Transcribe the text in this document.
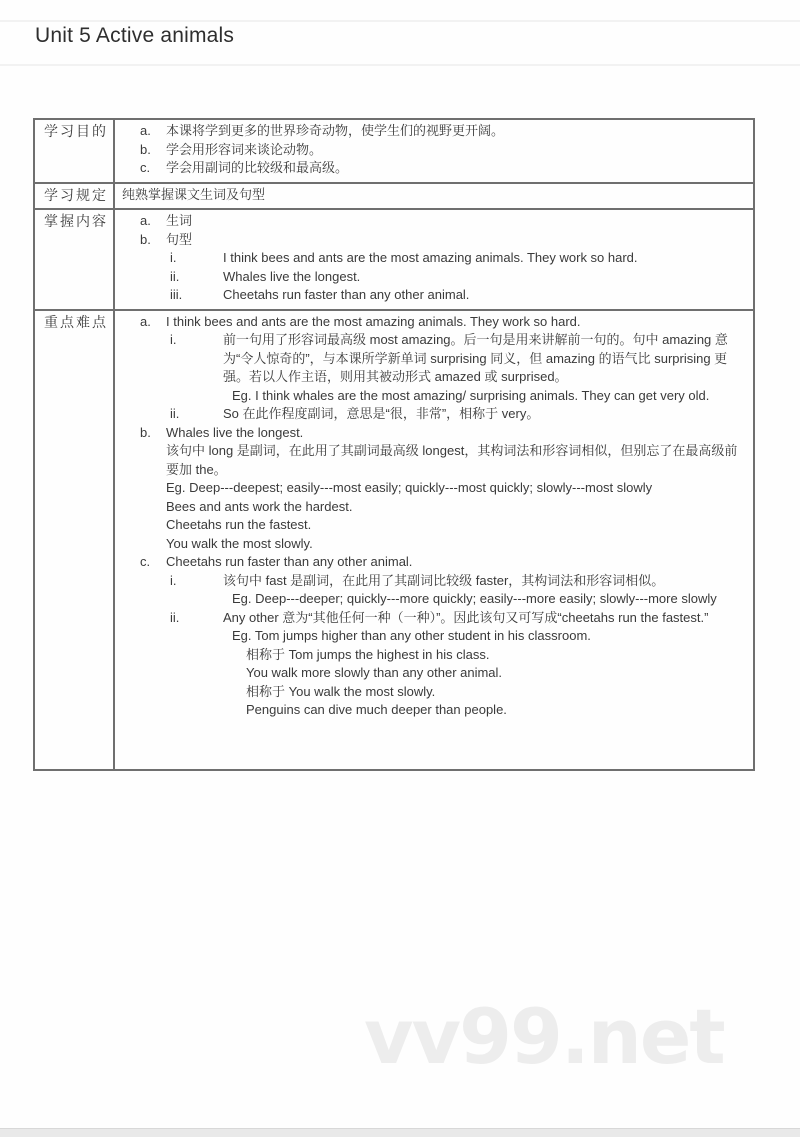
Unit 5 Active animals
学习目的	a.	本课将学到更多的世界珍奇动物，使学生们的视野更开阔。
b.	学会用形容词来谈论动物。
c.	学会用副词的比较级和最高级。
学习规定	纯熟掌握课文生词及句型
掌握内容	a.	生词
b.	句型
i.	I think bees and ants are the most amazing animals. They work so hard.
ii.	Whales live the longest.
iii.	Cheetahs run faster than any other animal.
重点难点	a.	I think bees and ants are the most amazing animals. They work so hard.
i.	前一句用了形容词最高级 most amazing。后一句是用来讲解前一句的。句中 amazing 意为“令人惊奇的”，与本课所学新单词 surprising 同义，但 amazing 的语气比 surprising 更强。若以人作主语，则用其被动形式 amazed 或 surprised。
Eg. I think whales are the most amazing/ surprising animals. They can get very old.
ii.	So 在此作程度副词，意思是“很，非常”，相称于 very。
b.	Whales live the longest.
该句中 long 是副词，在此用了其副词最高级 longest，其构词法和形容词相似，但别忘了在最高级前要加 the。
Eg. Deep---deepest; easily---most easily; quickly---most quickly; slowly---most slowly
Bees and ants work the hardest.
Cheetahs run the fastest.
You walk the most slowly.
c.	Cheetahs run faster than any other animal.
i.	该句中 fast 是副词，在此用了其副词比较级 faster，其构词法和形容词相似。
Eg. Deep---deeper; quickly---more quickly; easily---more easily; slowly---more slowly
ii.	Any other 意为“其他任何一种（一种）”。因此该句又可写成“cheetahs run the fastest.”
Eg. Tom jumps higher than any other student in his classroom.
相称于 Tom jumps the highest in his class.
You walk more slowly than any other animal.
相称于 You walk the most slowly.
Penguins can dive much deeper than people.
vv99.net
